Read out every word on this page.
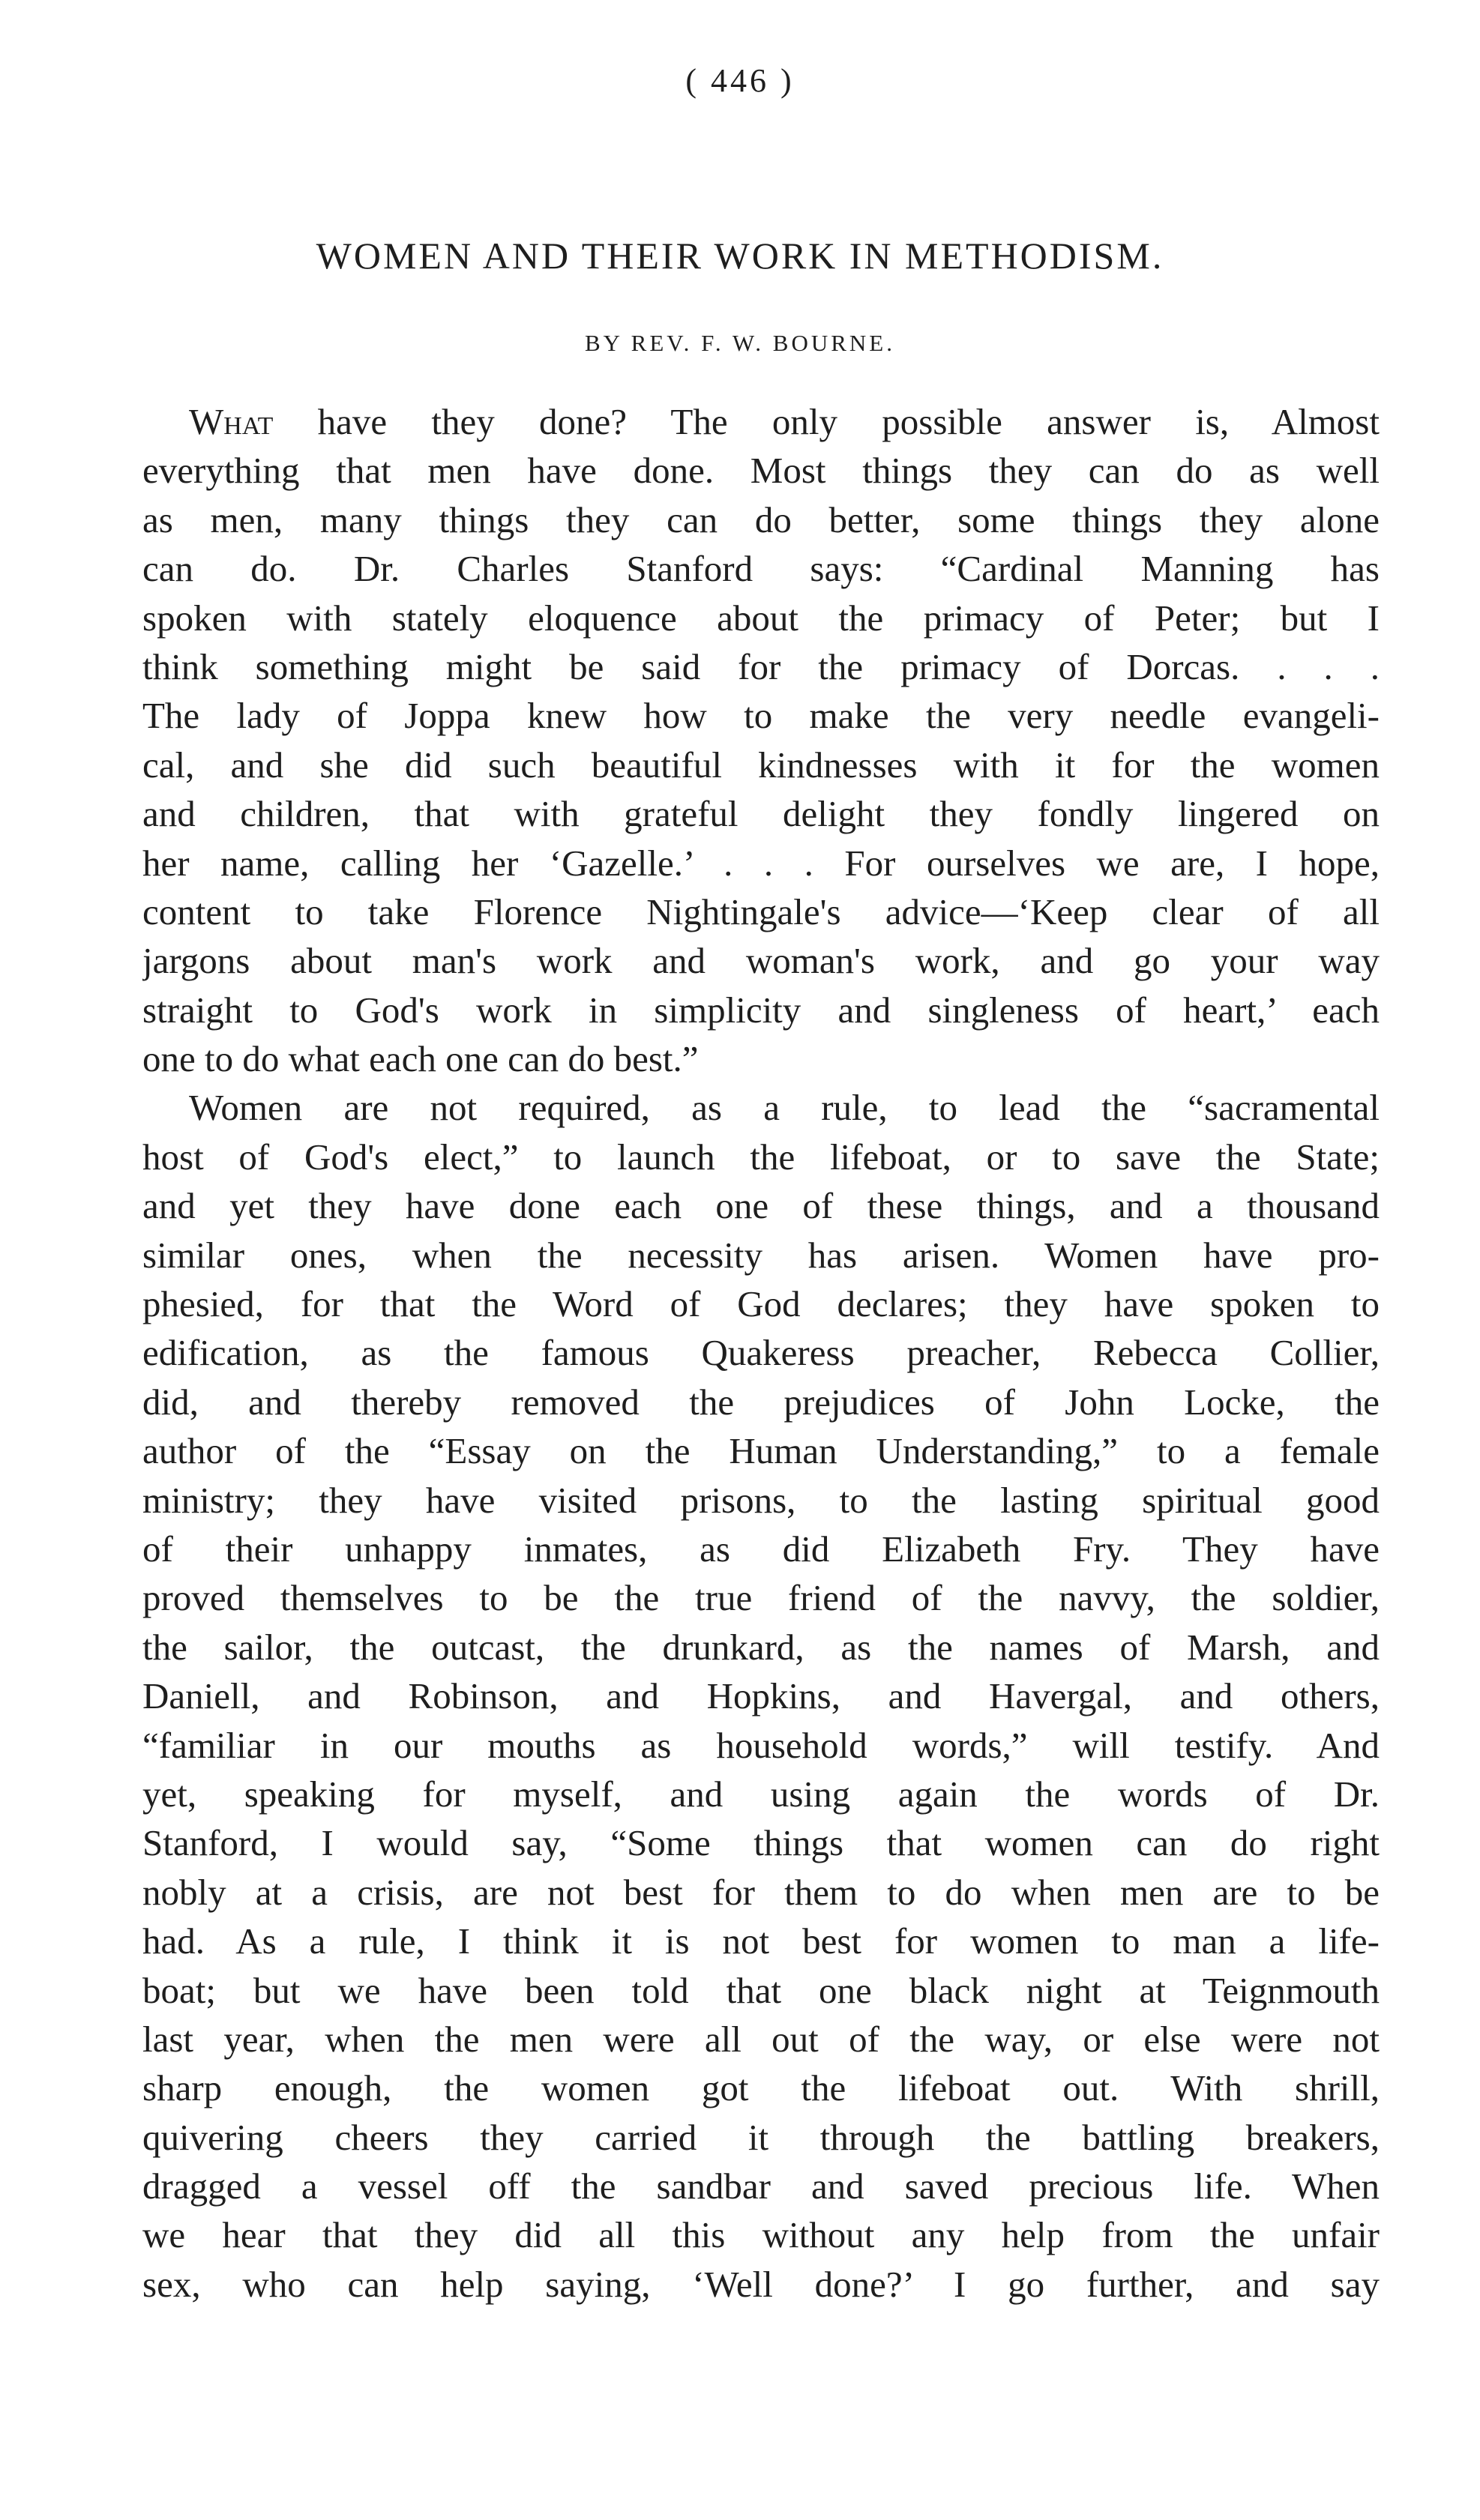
( 446 )
WOMEN AND THEIR WORK IN METHODISM.
BY REV. F. W. BOURNE.
What have they done? The only possible answer is, Almost
everything that men have done. Most things they can do as well
as men, many things they can do better, some things they alone
can do. Dr. Charles Stanford says: “Cardinal Manning has
spoken with stately eloquence about the primacy of Peter; but I
think something might be said for the primacy of Dorcas. . . .
The lady of Joppa knew how to make the very needle evangeli-
cal, and she did such beautiful kindnesses with it for the women
and children, that with grateful delight they fondly lingered on
her name, calling her ‘Gazelle.’ . . . For ourselves we are, I hope,
content to take Florence Nightingale's advice—‘Keep clear of all
jargons about man's work and woman's work, and go your way
straight to God's work in simplicity and singleness of heart,’ each
one to do what each one can do best.”
Women are not required, as a rule, to lead the “sacramental
host of God's elect,” to launch the lifeboat, or to save the State;
and yet they have done each one of these things, and a thousand
similar ones, when the necessity has arisen. Women have pro-
phesied, for that the Word of God declares; they have spoken to
edification, as the famous Quakeress preacher, Rebecca Collier,
did, and thereby removed the prejudices of John Locke, the
author of the “Essay on the Human Understanding,” to a female
ministry; they have visited prisons, to the lasting spiritual good
of their unhappy inmates, as did Elizabeth Fry. They have
proved themselves to be the true friend of the navvy, the soldier,
the sailor, the outcast, the drunkard, as the names of Marsh, and
Daniell, and Robinson, and Hopkins, and Havergal, and others,
“familiar in our mouths as household words,” will testify. And
yet, speaking for myself, and using again the words of Dr.
Stanford, I would say, “Some things that women can do right
nobly at a crisis, are not best for them to do when men are to be
had. As a rule, I think it is not best for women to man a life-
boat; but we have been told that one black night at Teignmouth
last year, when the men were all out of the way, or else were not
sharp enough, the women got the lifeboat out. With shrill,
quivering cheers they carried it through the battling breakers,
dragged a vessel off the sandbar and saved precious life. When
we hear that they did all this without any help from the unfair
sex, who can help saying, ‘Well done?’ I go further, and say
